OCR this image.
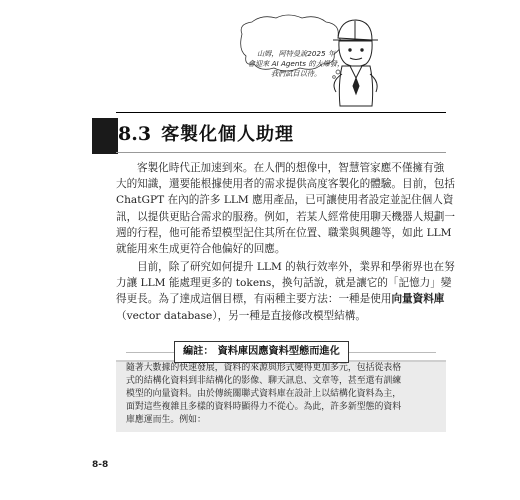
山姆，阿特曼說2025 年
會迎來 AI Agents 的大爆發，
我們試目以待。
8.3 客製化個人助理
客製化時代正加速到來。在人們的想像中，智慧管家應不僅擁有強
大的知識，還要能根據使用者的需求提供高度客製化的體驗。目前，包括
ChatGPT 在內的許多 LLM 應用產品，已可讓使用者設定並記住個人資
訊，以提供更貼合需求的服務。例如，若某人經常使用聊天機器人規劃一
週的行程，他可能希望模型記住其所在位置、職業與興趣等，如此 LLM
就能用來生成更符合他偏好的回應。
目前，除了研究如何提升 LLM 的執行效率外，業界和學術界也在努
力讓 LLM 能處理更多的 tokens，換句話說，就是讓它的「記憶力」變
得更長。為了達成這個目標，有兩種主要方法：一種是使用向量資料庫
（vector database），另一種是直接修改模型結構。
編註： 資料庫因應資料型態而進化
隨著大數據的快速發展，資料的來源與形式變得更加多元，包括從表格
式的結構化資料到非結構化的影像、聊天訊息、文章等，甚至還有訓練
模型的向量資料。由於傳統關聯式資料庫在設計上以結構化資料為主，
面對這些複雜且多樣的資料時顯得力不從心。為此，許多新型態的資料
庫應運而生。例如：
8-8
